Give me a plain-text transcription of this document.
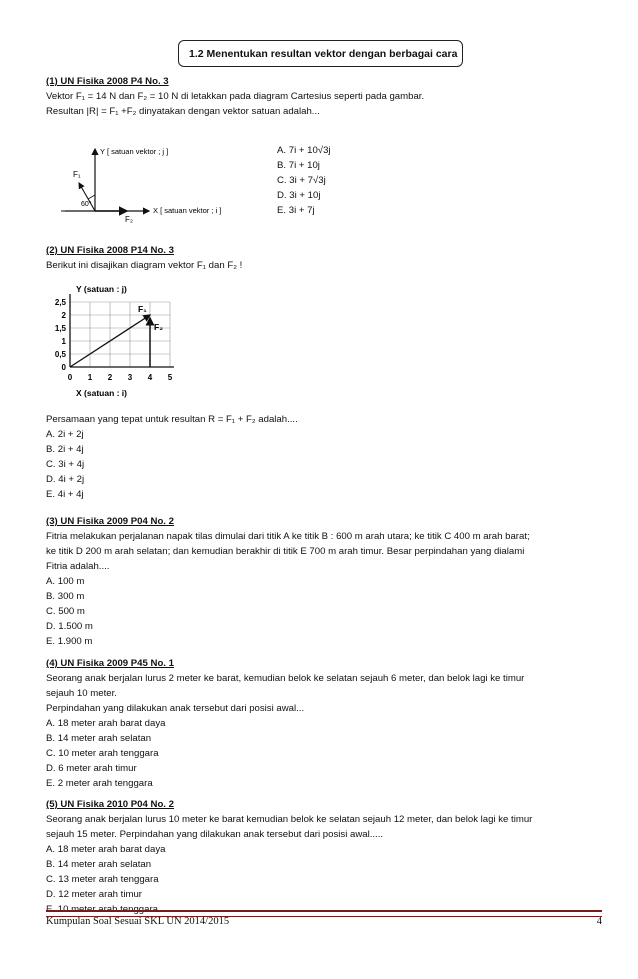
1.2 Menentukan resultan vektor dengan berbagai cara

(1) UN Fisika 2008 P4 No. 3

Vektor F₁ = 14 N dan F₂ = 10 N di letakkan pada diagram Cartesius seperti pada gambar.

Resultan |R| = F₁ +F₂ dinyatakan dengan vektor satuan adalah...

Y [ satuan vektor ; j ]
X [ satuan vektor ; i ]
F₁
F₂
60°

A. 7i + 10√3j

B. 7i + 10j

C. 3i + 7√3j

D. 3i + 10j

E. 3i + 7j

(2) UN Fisika 2008 P14 No. 3

Berikut ini disajikan diagram vektor F₁ dan F₂ !

Y (satuan : j)
X (satuan : i)
F₁
F₂
2,5
2
1,5
1
0,5
0
0 1 2 3 4 5

Persamaan yang tepat untuk resultan R = F₁ + F₂ adalah....

A. 2i + 2j

B. 2i + 4j

C. 3i + 4j

D. 4i + 2j

E. 4i + 4j

(3) UN Fisika 2009 P04 No. 2

Fitria melakukan perjalanan napak tilas dimulai dari titik A ke titik B : 600 m arah utara; ke titik C 400 m arah barat;

ke titik D 200 m arah selatan; dan kemudian berakhir di titik E 700 m arah timur. Besar perpindahan yang dialami

Fitria adalah....

A. 100 m

B. 300 m

C. 500 m

D. 1.500 m

E. 1.900 m

(4) UN Fisika 2009 P45 No. 1

Seorang anak berjalan lurus 2 meter ke barat, kemudian belok ke selatan sejauh 6 meter, dan belok lagi ke timur

sejauh 10 meter.

Perpindahan yang dilakukan anak tersebut dari posisi awal...

A. 18 meter arah barat daya

B. 14 meter arah selatan

C. 10 meter arah tenggara

D. 6 meter arah timur

E. 2 meter arah tenggara

(5) UN Fisika 2010 P04 No. 2

Seorang anak berjalan lurus 10 meter ke barat kemudian belok ke selatan sejauh 12 meter, dan belok lagi ke timur

sejauh 15 meter. Perpindahan yang dilakukan anak tersebut dari posisi awal.....

A. 18 meter arah barat daya

B. 14 meter arah selatan

C. 13 meter arah tenggara

D. 12 meter arah timur

E. 10 meter arah tenggara

Kumpulan Soal Sesuai SKL UN 2014/2015	4
